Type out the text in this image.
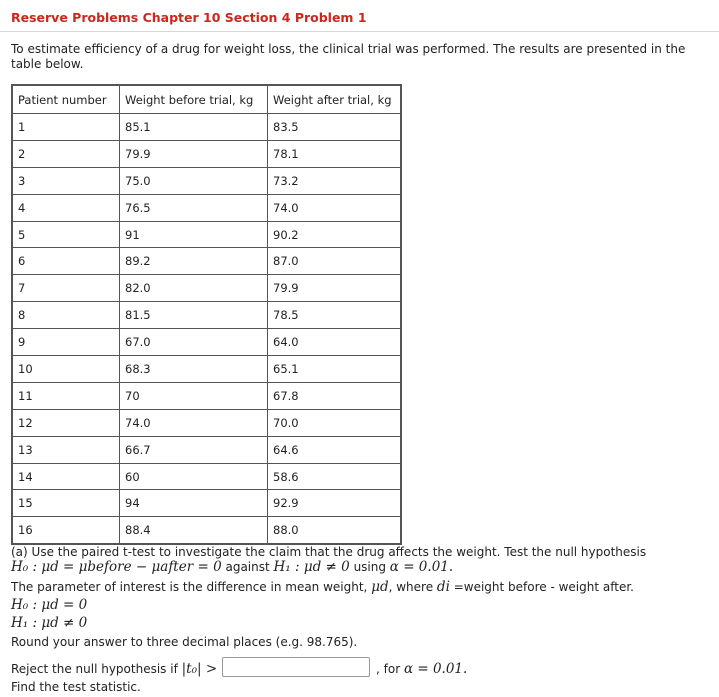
Reserve Problems Chapter 10 Section 4 Problem 1
To estimate efficiency of a drug for weight loss, the clinical trial was performed. The results are presented in the table below.
Patient number	Weight before trial, kg	Weight after trial, kg
1	85.1	83.5
2	79.9	78.1
3	75.0	73.2
4	76.5	74.0
5	91	90.2
6	89.2	87.0
7	82.0	79.9
8	81.5	78.5
9	67.0	64.0
10	68.3	65.1
11	70	67.8
12	74.0	70.0
13	66.7	64.6
14	60	58.6
15	94	92.9
16	88.4	88.0
(a) Use the paired t-test to investigate the claim that the drug affects the weight. Test the null hypothesis
H₀ : μd = μbefore − μafter = 0 against H₁ : μd ≠ 0 using α = 0.01.
The parameter of interest is the difference in mean weight, μd, where di =weight before - weight after.
H₀ : μd = 0
H₁ : μd ≠ 0
Round your answer to three decimal places (e.g. 98.765).
Reject the null hypothesis if |t₀| >	, for α = 0.01.
Find the test statistic.
